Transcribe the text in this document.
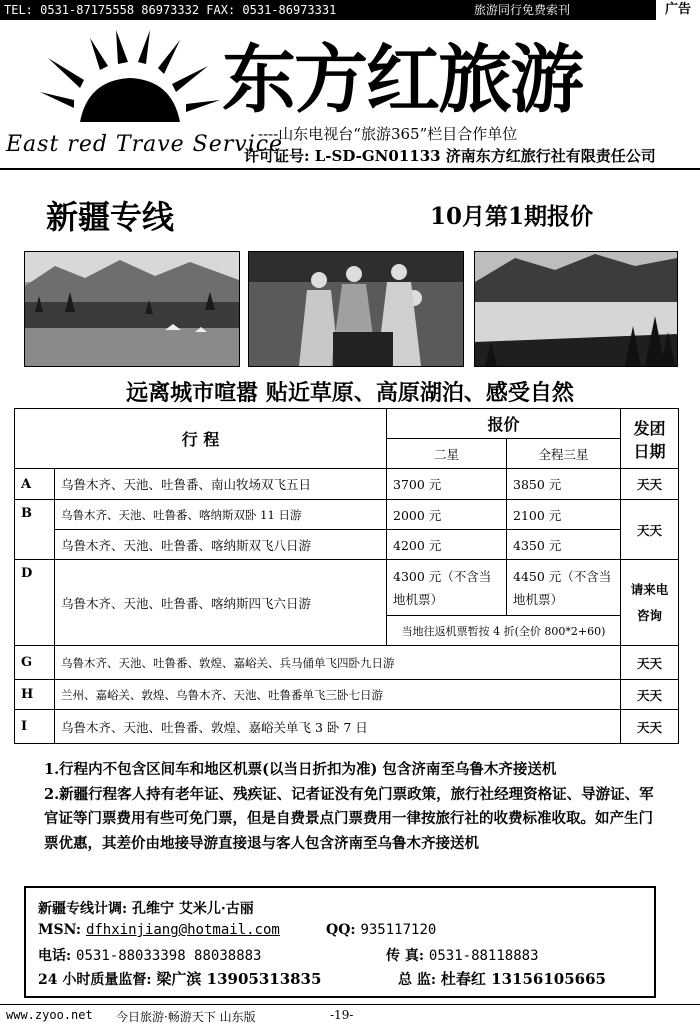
TEL: 0531-87175558 86973332 FAX: 0531-86973331	旅游同行免费索刊	广告
东方红旅游
East red Trave Service
----山东电视台“旅游365”栏目合作单位
许可证号: L-SD-GN01133 济南东方红旅行社有限责任公司
新疆专线	10月第1期报价
远离城市喧嚣 贴近草原、高原湖泊、感受自然
行 程		报价		发团日期
		二星	全程三星	
A	乌鲁木齐、天池、吐鲁番、南山牧场双飞五日	3700 元	3850 元	天天
B	乌鲁木齐、天池、吐鲁番、喀纳斯双卧 11 日游	2000 元	2100 元	天天
	乌鲁木齐、天池、吐鲁番、喀纳斯双飞八日游	4200 元	4350 元	
D	乌鲁木齐、天池、吐鲁番、喀纳斯四飞六日游	4300 元（不含当地机票）	4450 元（不含当地机票）	请来电咨询
		当地往返机票暂按 4 折(全价 800*2+60)		
G	乌鲁木齐、天池、吐鲁番、敦煌、嘉峪关、兵马俑单飞四卧九日游			天天
H	兰州、嘉峪关、敦煌、乌鲁木齐、天池、吐鲁番单飞三卧七日游			天天
I	乌鲁木齐、天池、吐鲁番、敦煌、嘉峪关单飞 3 卧 7 日			天天

1.行程内不包含区间车和地区机票(以当日折扣为准) 包含济南至乌鲁木齐接送机

2.新疆行程客人持有老年证、残疾证、记者证没有免门票政策，旅行社经理资格证、导游证、军官证等门票费用有些可免门票，但是自费景点门票费用一律按旅行社的收费标准收取。如产生门票优惠，其差价由地接导游直接退与客人包含济南至乌鲁木齐接送机

新疆专线计调: 孔维宁 艾米儿·古丽
MSN: dfhxinjiang@hotmail.com	QQ: 935117120
电话: 0531-88033398 88038883	传 真: 0531-88118883
24 小时质量监督: 梁广滨 13905313835	总 监: 杜春红 13156105665
www.zyoo.net 今日旅游·畅游天下 山东版	-19-
